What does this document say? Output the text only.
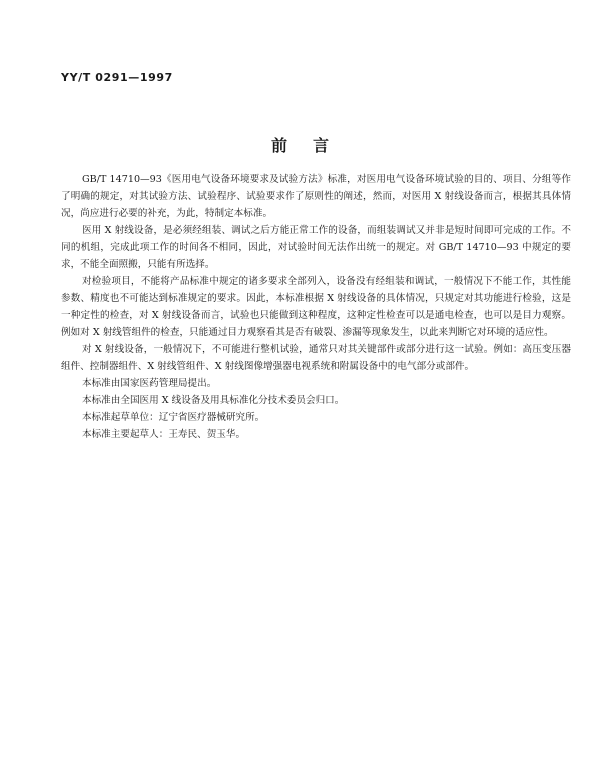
YY/T 0291—1997
前言

GB/T 14710—93《医用电气设备环境要求及试验方法》标准，对医用电气设备环境试验的目的、项目、分组等作了明确的规定，对其试验方法、试验程序、试验要求作了原则性的阐述，然而，对医用 X 射线设备而言，根据其具体情况，尚应进行必要的补充，为此，特制定本标准。

医用 X 射线设备，是必须经组装、调试之后方能正常工作的设备，而组装调试又并非是短时间即可完成的工作。不同的机组，完成此项工作的时间各不相同，因此，对试验时间无法作出统一的规定。对 GB/T 14710—93 中规定的要求，不能全面照搬，只能有所选择。

对检验项目，不能将产品标准中规定的诸多要求全部列入，设备没有经组装和调试，一般情况下不能工作，其性能参数、精度也不可能达到标准规定的要求。因此，本标准根据 X 射线设备的具体情况，只规定对其功能进行检验，这是一种定性的检查，对 X 射线设备而言，试验也只能做到这种程度，这种定性检查可以是通电检查，也可以是目力观察。例如对 X 射线管组件的检查，只能通过目力观察看其是否有破裂、渗漏等现象发生，以此来判断它对环境的适应性。

对 X 射线设备，一般情况下，不可能进行整机试验，通常只对其关键部件或部分进行这一试验。例如：高压变压器组件、控制器组件、X 射线管组件、X 射线图像增强器电视系统和附属设备中的电气部分或部件。

本标准由国家医药管理局提出。

本标准由全国医用 X 线设备及用具标准化分技术委员会归口。

本标准起草单位：辽宁省医疗器械研究所。

本标准主要起草人：王寿民、贺玉华。
